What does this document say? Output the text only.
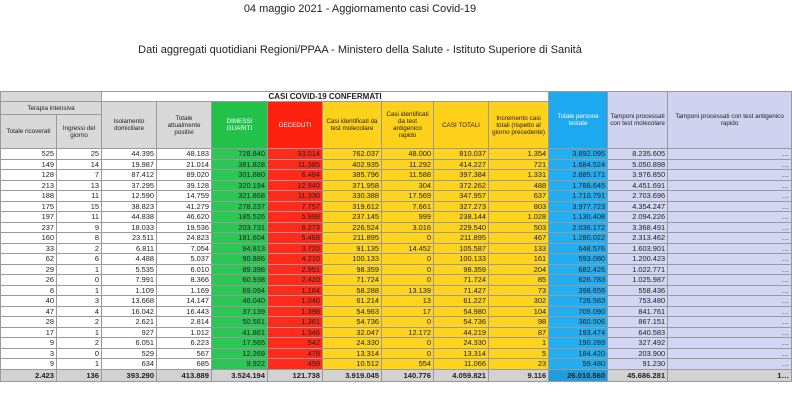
04 maggio 2021 - Aggiornamento casi Covid-19
Dati aggregati quotidiani Regioni/PPAA - Ministero della Salute - Istituto Superiore di Sanità
		CASI COVID-19 CONFERMATI								Totale persone testate	Tamponi processati con test molecolare	Tamponi processati con test antigenico rapido
Terapia intensiva		Isolamento domiciliare	Totale attualmente positivi	DIMESSI GUARITI	DECEDUTI	Casi identificati da test molecolare	Casi identificati da test antigenico rapido	CASI TOTALI	Incremento casi totali (rispetto al giorno precedente)			
Totale ricoverati	Ingressi del giorno											
525	25	44.395	48.183	728.840	33.014	762.037	48.000	810.037	1.354	3.892.095	8.235.605	…
149	14	19.987	21.014	381.828	11.385	402.935	11.292	414.227	721	1.684.524	5.050.898	…
128	7	87.412	89.020	301.880	6.484	385.796	11.588	397.384	1.331	2.885.171	3.976.850	…
213	13	37.295	39.128	320.194	12.940	371.958	304	372.262	488	1.788.645	4.451.691	…
188	11	12.590	14.759	321.868	11.330	330.388	17.569	347.957	637	1.710.791	2.703.696	…
175	15	38.823	41.279	278.237	7.757	319.612	7.661	327.273	803	3.977.723	4.354.247	…
197	11	44.838	46.620	185.526	5.998	237.145	999	238.144	1.028	1.130.408	2.094.226	…
237	9	18.033	19.536	203.731	6.273	226.524	3.016	229.540	503	2.036.172	3.368.491	…
160	8	23.511	24.823	181.604	5.468	211.895	0	211.895	467	1.280.022	2.313.462	…
33	2	6.811	7.054	94.813	3.720	91.135	14.452	105.587	133	648.576	1.603.901	…
62	6	4.488	5.037	90.886	4.210	100.133	0	100.133	161	593.080	1.200.423	…
29	1	5.535	6.010	89.398	2.951	98.359	0	98.359	204	682.426	1.022.771	…
26	0	7.991	8.366	60.938	2.420	71.724	0	71.724	85	626.783	1.025.987	…
6	1	1.109	1.169	69.094	1.164	58.288	13.139	71.427	73	398.659	558.436	…
40	3	13.668	14.147	46.040	1.040	61.214	13	61.227	302	726.583	753.480	…
47	4	16.042	16.443	37.139	1.398	54.963	17	54.980	104	705.090	841.761	…
28	2	2.621	2.814	50.561	1.361	54.736	0	54.736	98	360.506	867.151	…
17	1	927	1.012	41.861	1.346	32.047	12.172	44.219	87	193.474	640.583	…
9	2	6.051	6.223	17.565	542	24.330	0	24.330	1	190.289	327.492	…
3	0	529	567	12.269	478	13.314	0	13.314	5	184.420	203.900	…
9	1	634	685	9.922	459	10.512	554	11.066	23	59.480	91.230	…
2.423	136	393.290	413.889	3.524.194	121.738	3.919.045	140.776	4.059.821	9.116	26.010.560	45.686.281	1…
